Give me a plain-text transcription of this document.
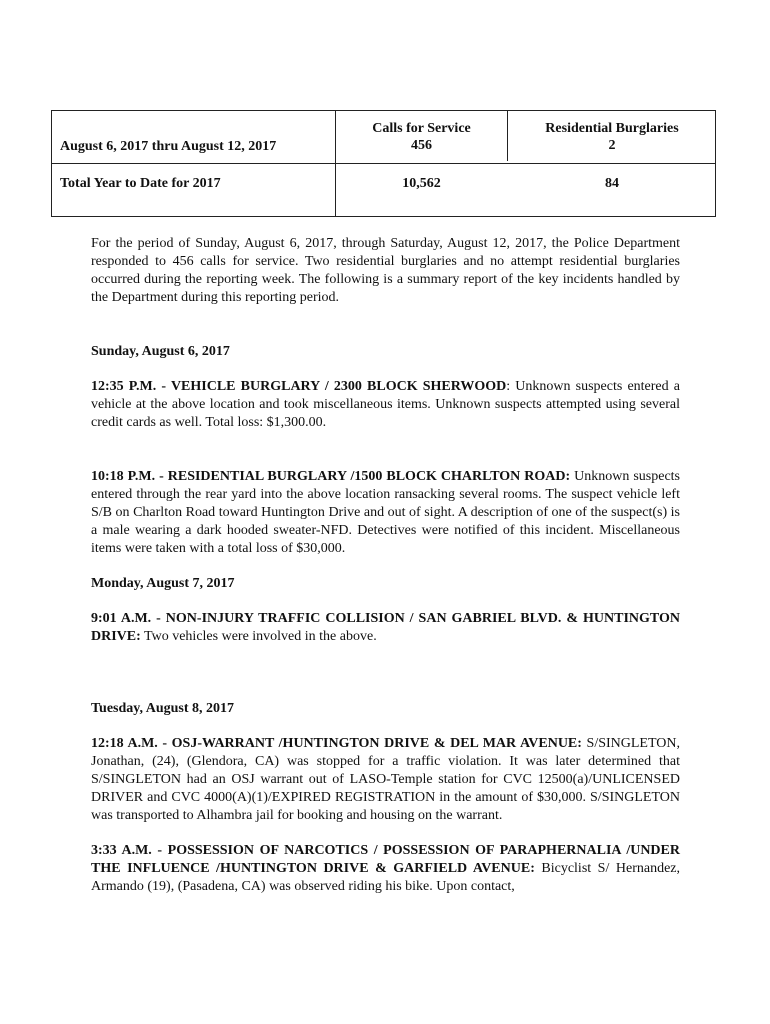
August 6, 2017 thru August 12, 2017
Calls for Service
456
Residential Burglaries
2
Total Year to Date for 2017	10,562	84

For the period of Sunday, August 6, 2017, through Saturday, August 12, 2017, the Police Department responded to 456 calls for service. Two residential burglaries and no attempt residential burglaries occurred during the reporting week. The following is a summary report of the key incidents handled by the Department during this reporting period.

Sunday, August 6, 2017

12:35 P.M. - VEHICLE BURGLARY / 2300 BLOCK SHERWOOD: Unknown suspects entered a vehicle at the above location and took miscellaneous items. Unknown suspects attempted using several credit cards as well. Total loss: $1,300.00.

10:18 P.M. - RESIDENTIAL BURGLARY /1500 BLOCK CHARLTON ROAD: Unknown suspects entered through the rear yard into the above location ransacking several rooms. The suspect vehicle left S/B on Charlton Road toward Huntington Drive and out of sight. A description of one of the suspect(s) is a male wearing a dark hooded sweater-NFD. Detectives were notified of this incident. Miscellaneous items were taken with a total loss of $30,000.

Monday, August 7, 2017

9:01 A.M. - NON-INJURY TRAFFIC COLLISION / SAN GABRIEL BLVD. & HUNTINGTON DRIVE: Two vehicles were involved in the above.

Tuesday, August 8, 2017

12:18 A.M. - OSJ-WARRANT /HUNTINGTON DRIVE & DEL MAR AVENUE: S/SINGLETON, Jonathan, (24), (Glendora, CA) was stopped for a traffic violation. It was later determined that S/SINGLETON had an OSJ warrant out of LASO-Temple station for CVC 12500(a)/UNLICENSED DRIVER and CVC 4000(A)(1)/EXPIRED REGISTRATION in the amount of $30,000. S/SINGLETON was transported to Alhambra jail for booking and housing on the warrant.

3:33 A.M. - POSSESSION OF NARCOTICS / POSSESSION OF PARAPHERNALIA /UNDER THE INFLUENCE /HUNTINGTON DRIVE & GARFIELD AVENUE: Bicyclist S/ Hernandez, Armando (19), (Pasadena, CA) was observed riding his bike. Upon contact,
